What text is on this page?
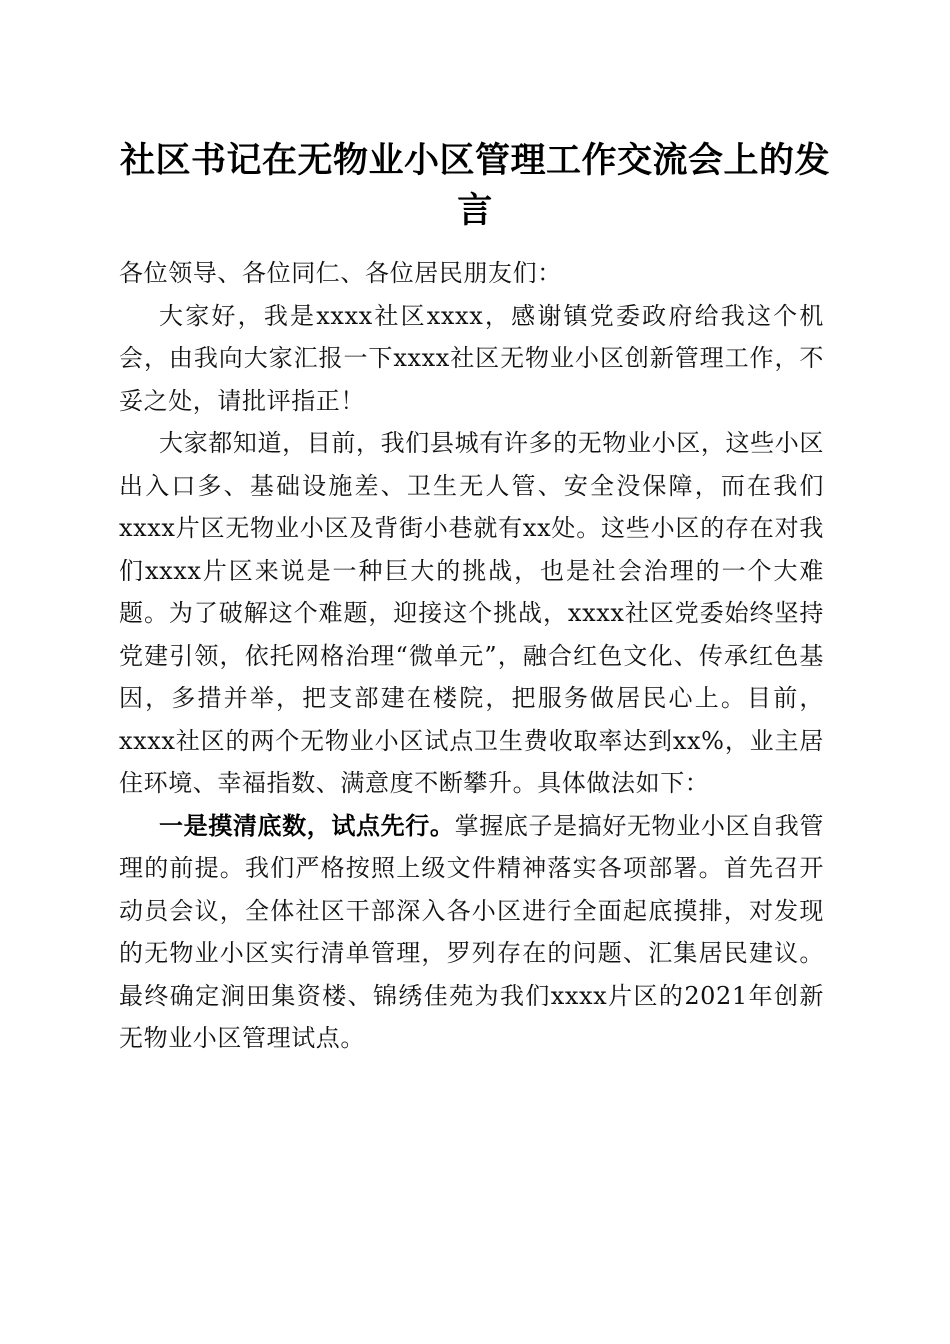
社区书记在无物业小区管理工作交流会上的发言

各位领导、各位同仁、各位居民朋友们：

大家好，我是xxxx社区xxxx，感谢镇党委政府给我这个机会，由我向大家汇报一下xxxx社区无物业小区创新管理工作，不妥之处，请批评指正！

大家都知道，目前，我们县城有许多的无物业小区，这些小区出入口多、基础设施差、卫生无人管、安全没保障，而在我们xxxx片区无物业小区及背街小巷就有xx处。这些小区的存在对我们xxxx片区来说是一种巨大的挑战，也是社会治理的一个大难题。为了破解这个难题，迎接这个挑战，xxxx社区党委始终坚持党建引领，依托网格治理“微单元”，融合红色文化、传承红色基因，多措并举，把支部建在楼院，把服务做居民心上。目前，xxxx社区的两个无物业小区试点卫生费收取率达到xx%，业主居住环境、幸福指数、满意度不断攀升。具体做法如下：

一是摸清底数，试点先行。掌握底子是搞好无物业小区自我管理的前提。我们严格按照上级文件精神落实各项部署。首先召开动员会议，全体社区干部深入各小区进行全面起底摸排，对发现的无物业小区实行清单管理，罗列存在的问题、汇集居民建议。最终确定涧田集资楼、锦绣佳苑为我们xxxx片区的2021年创新无物业小区管理试点。
